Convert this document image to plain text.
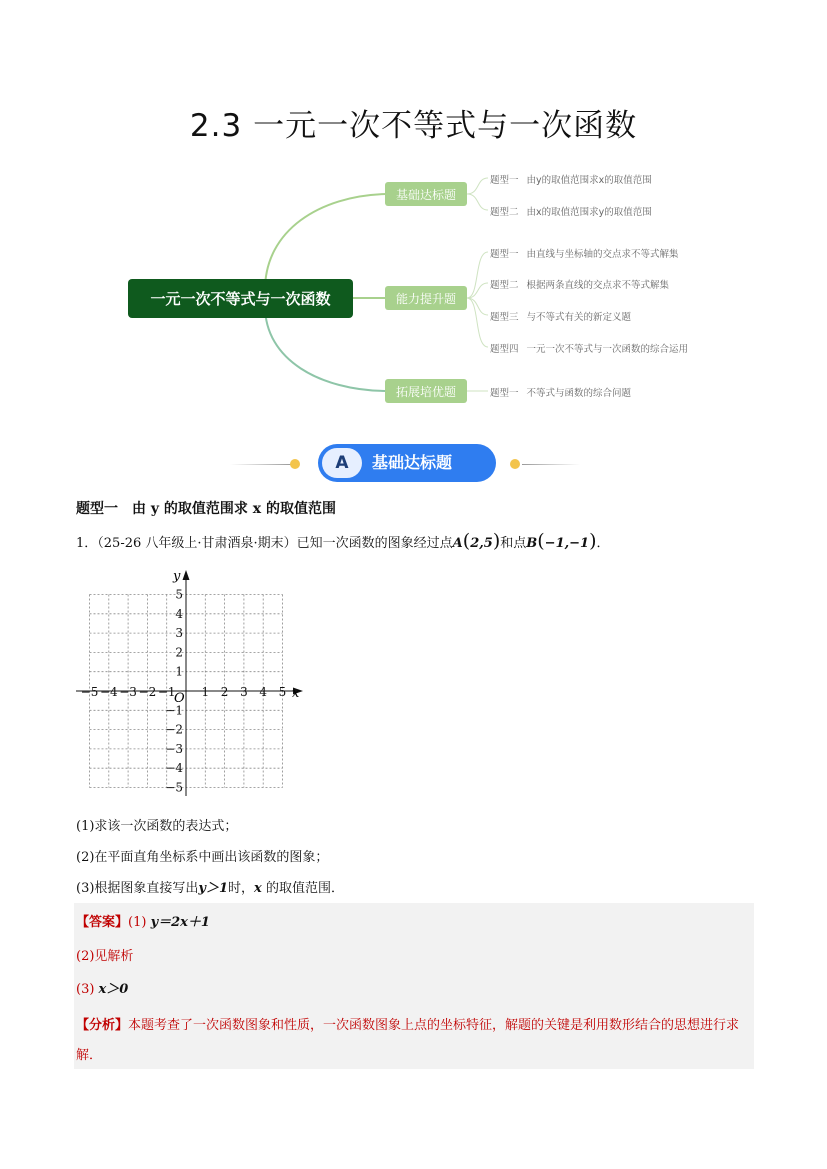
2.3 一元一次不等式与一次函数
一元一次不等式与一次函数
基础达标题
能力提升题
拓展培优题
题型一 由y的取值范围求x的取值范围
题型二 由x的取值范围求y的取值范围
题型一 由直线与坐标轴的交点求不等式解集
题型二 根据两条直线的交点求不等式解集
题型三 与不等式有关的新定义题
题型四 一元一次不等式与一次函数的综合运用
题型一 不等式与函数的综合问题
A	基础达标题
题型一　由 y 的取值范围求 x 的取值范围
1．（25-26 八年级上·甘肃酒泉·期末）已知一次函数的图象经过点A(2,5)和点B(−1,−1)．
−5 −4 −3 −2 −1 1 2 3 4 5
5
4
3
2
1
−1
−2
−3
−4
−5
x
y
O
(1)求该一次函数的表达式；
(2)在平面直角坐标系中画出该函数的图象；
(3)根据图象直接写出y＞1时，x 的取值范围．
【答案】(1) y＝2x＋1
(2)见解析
(3) x＞0
【分析】本题考查了一次函数图象和性质，一次函数图象上点的坐标特征，解题的关键是利用数形结合的思想进行求解．
